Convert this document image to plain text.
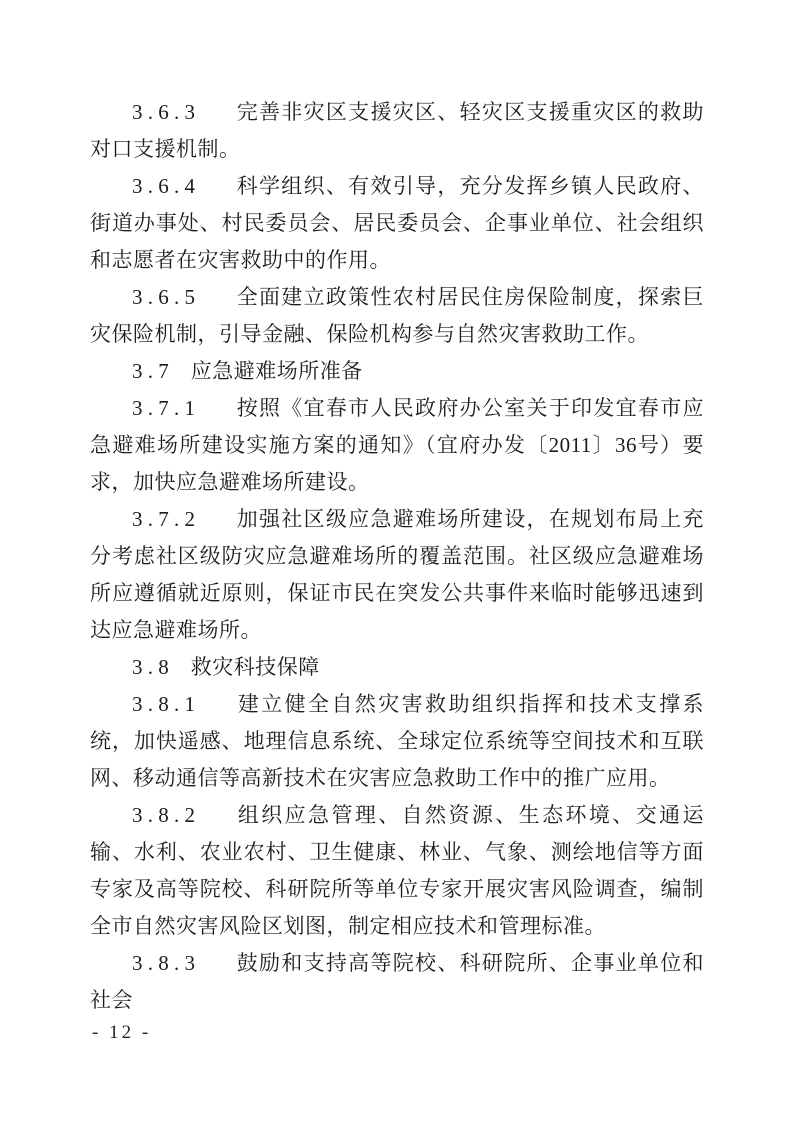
3.6.3 完善非灾区支援灾区、轻灾区支援重灾区的救助对口支援机制。

3.6.4 科学组织、有效引导，充分发挥乡镇人民政府、街道办事处、村民委员会、居民委员会、企事业单位、社会组织和志愿者在灾害救助中的作用。

3.6.5 全面建立政策性农村居民住房保险制度，探索巨灾保险机制，引导金融、保险机构参与自然灾害救助工作。

3.7 应急避难场所准备

3.7.1 按照《宜春市人民政府办公室关于印发宜春市应急避难场所建设实施方案的通知》（宜府办发〔2011〕36号）要求，加快应急避难场所建设。

3.7.2 加强社区级应急避难场所建设，在规划布局上充分考虑社区级防灾应急避难场所的覆盖范围。社区级应急避难场所应遵循就近原则，保证市民在突发公共事件来临时能够迅速到达应急避难场所。

3.8 救灾科技保障

3.8.1 建立健全自然灾害救助组织指挥和技术支撑系统，加快遥感、地理信息系统、全球定位系统等空间技术和互联网、移动通信等高新技术在灾害应急救助工作中的推广应用。

3.8.2 组织应急管理、自然资源、生态环境、交通运输、水利、农业农村、卫生健康、林业、气象、测绘地信等方面专家及高等院校、科研院所等单位专家开展灾害风险调查，编制全市自然灾害风险区划图，制定相应技术和管理标准。

3.8.3 鼓励和支持高等院校、科研院所、企事业单位和社会

- 12 -
